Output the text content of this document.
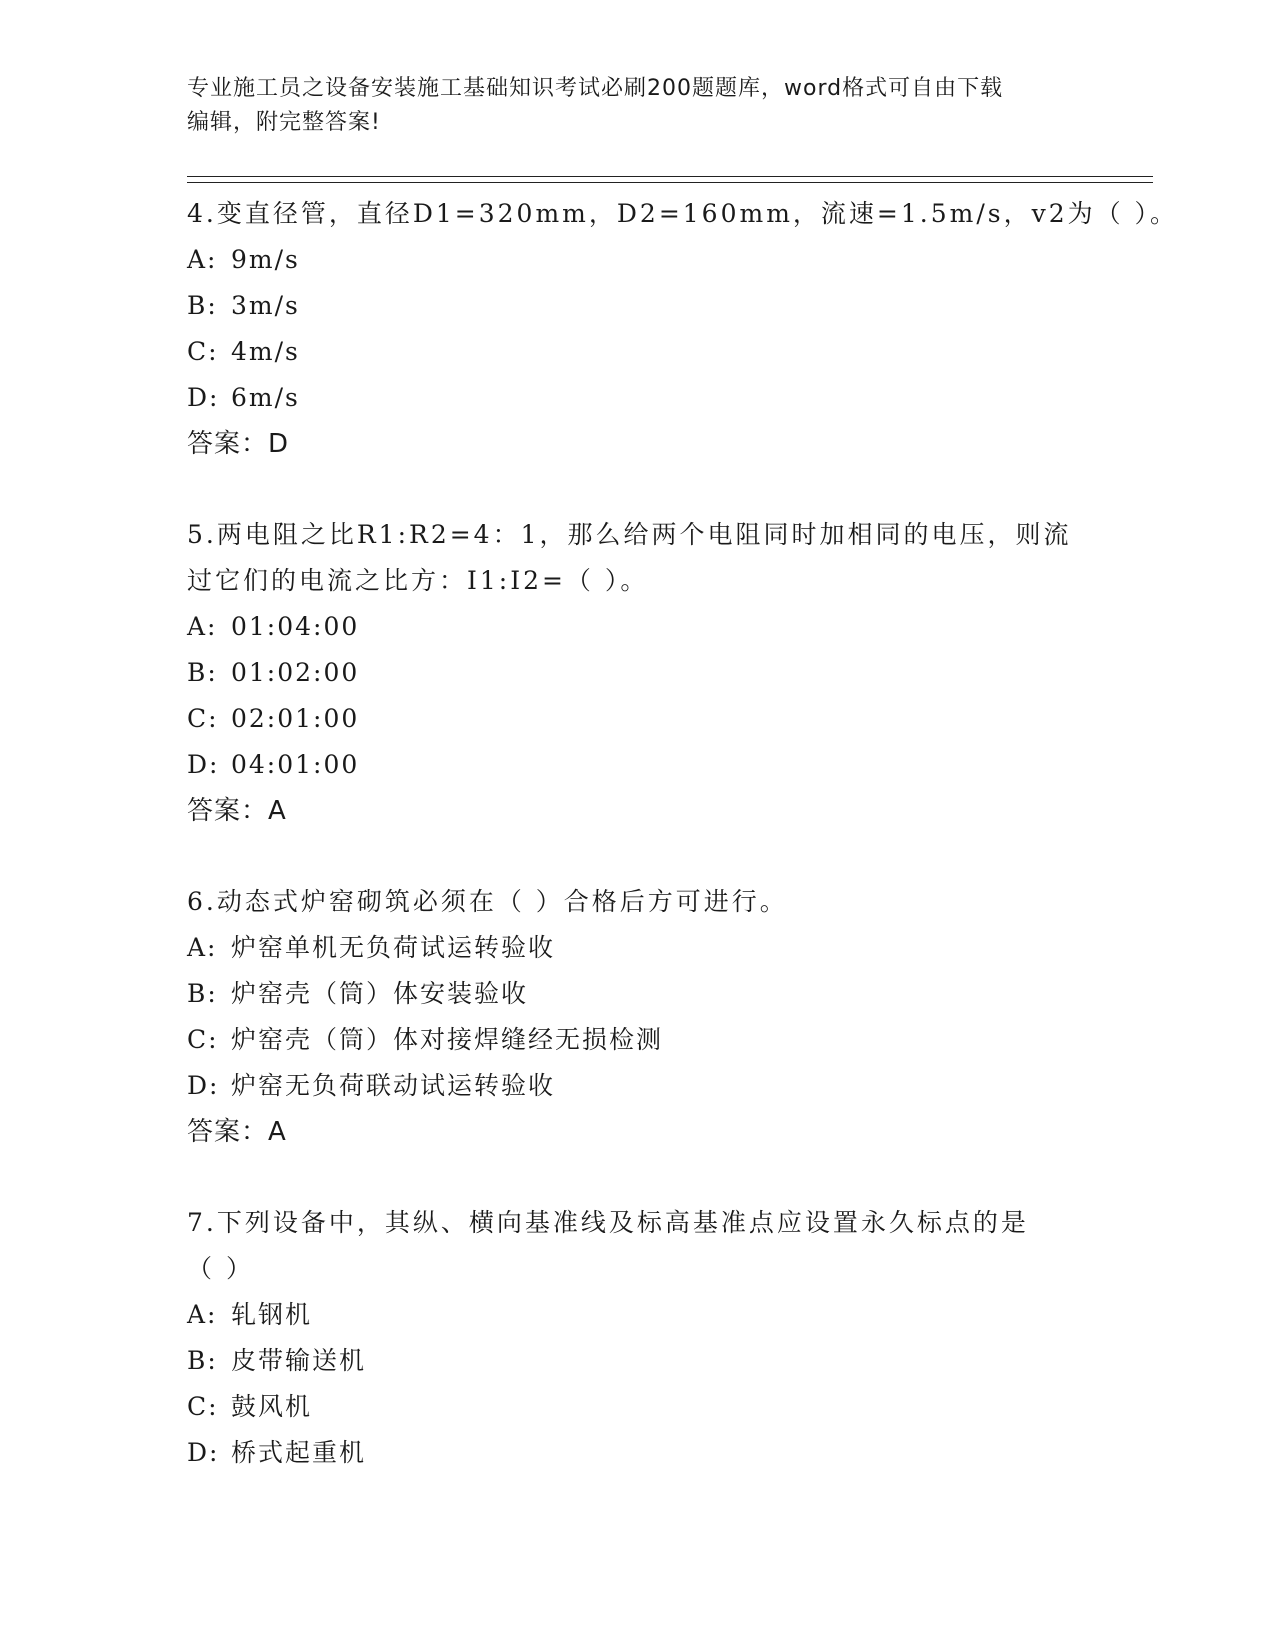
专业施工员之设备安装施工基础知识考试必刷200题题库，word格式可自由下载
编辑，附完整答案!
4.变直径管，直径D1=320mm，D2=160mm，流速=1.5m/s，v2为（ ）。
A: 9m/s
B: 3m/s
C: 4m/s
D: 6m/s
答案：D
5.两电阻之比R1:R2=4：1，那么给两个电阻同时加相同的电压，则流
过它们的电流之比方：I1:I2=（ ）。
A: 01:04:00
B: 01:02:00
C: 02:01:00
D: 04:01:00
答案：A
6.动态式炉窑砌筑必须在（ ）合格后方可进行。
A: 炉窑单机无负荷试运转验收
B: 炉窑壳（筒）体安装验收
C: 炉窑壳（筒）体对接焊缝经无损检测
D: 炉窑无负荷联动试运转验收
答案：A
7.下列设备中，其纵、横向基准线及标高基准点应设置永久标点的是
（ ）
A: 轧钢机
B: 皮带输送机
C: 鼓风机
D: 桥式起重机
